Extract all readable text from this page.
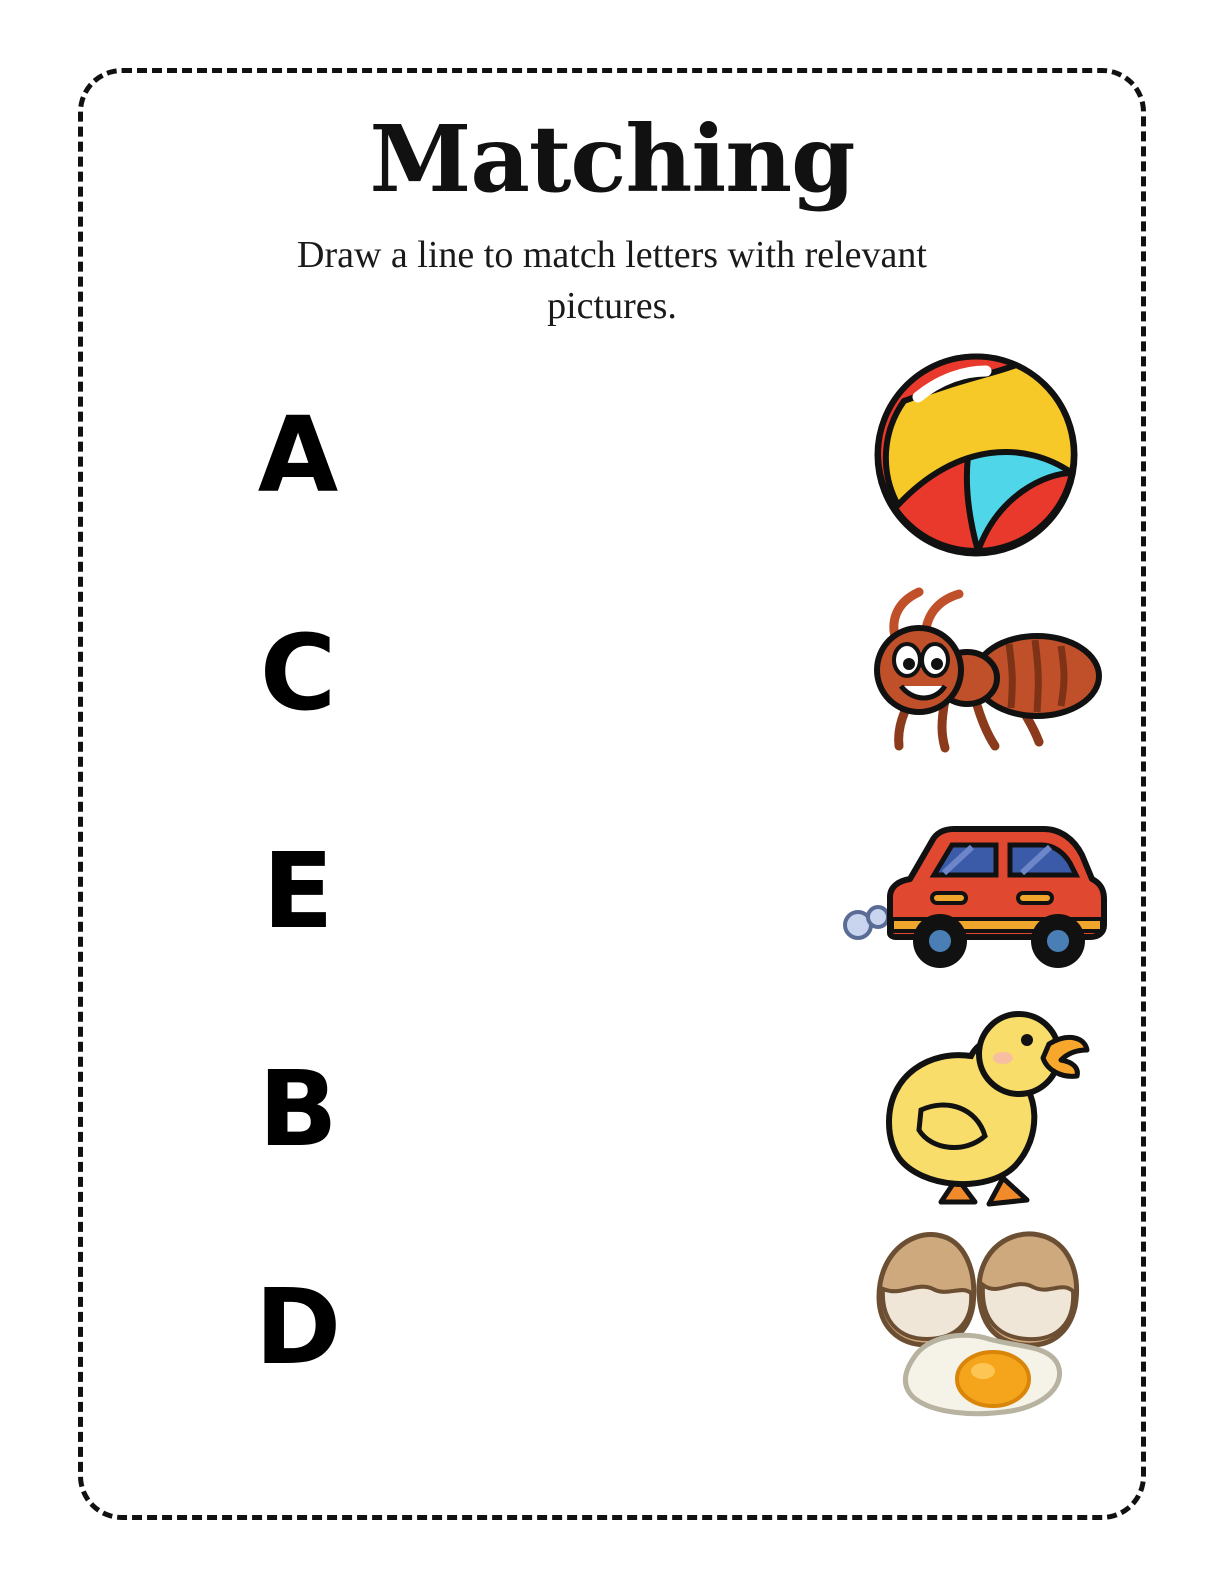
Matching
Draw a line to match letters with relevant pictures.
A
C
E
B
D
